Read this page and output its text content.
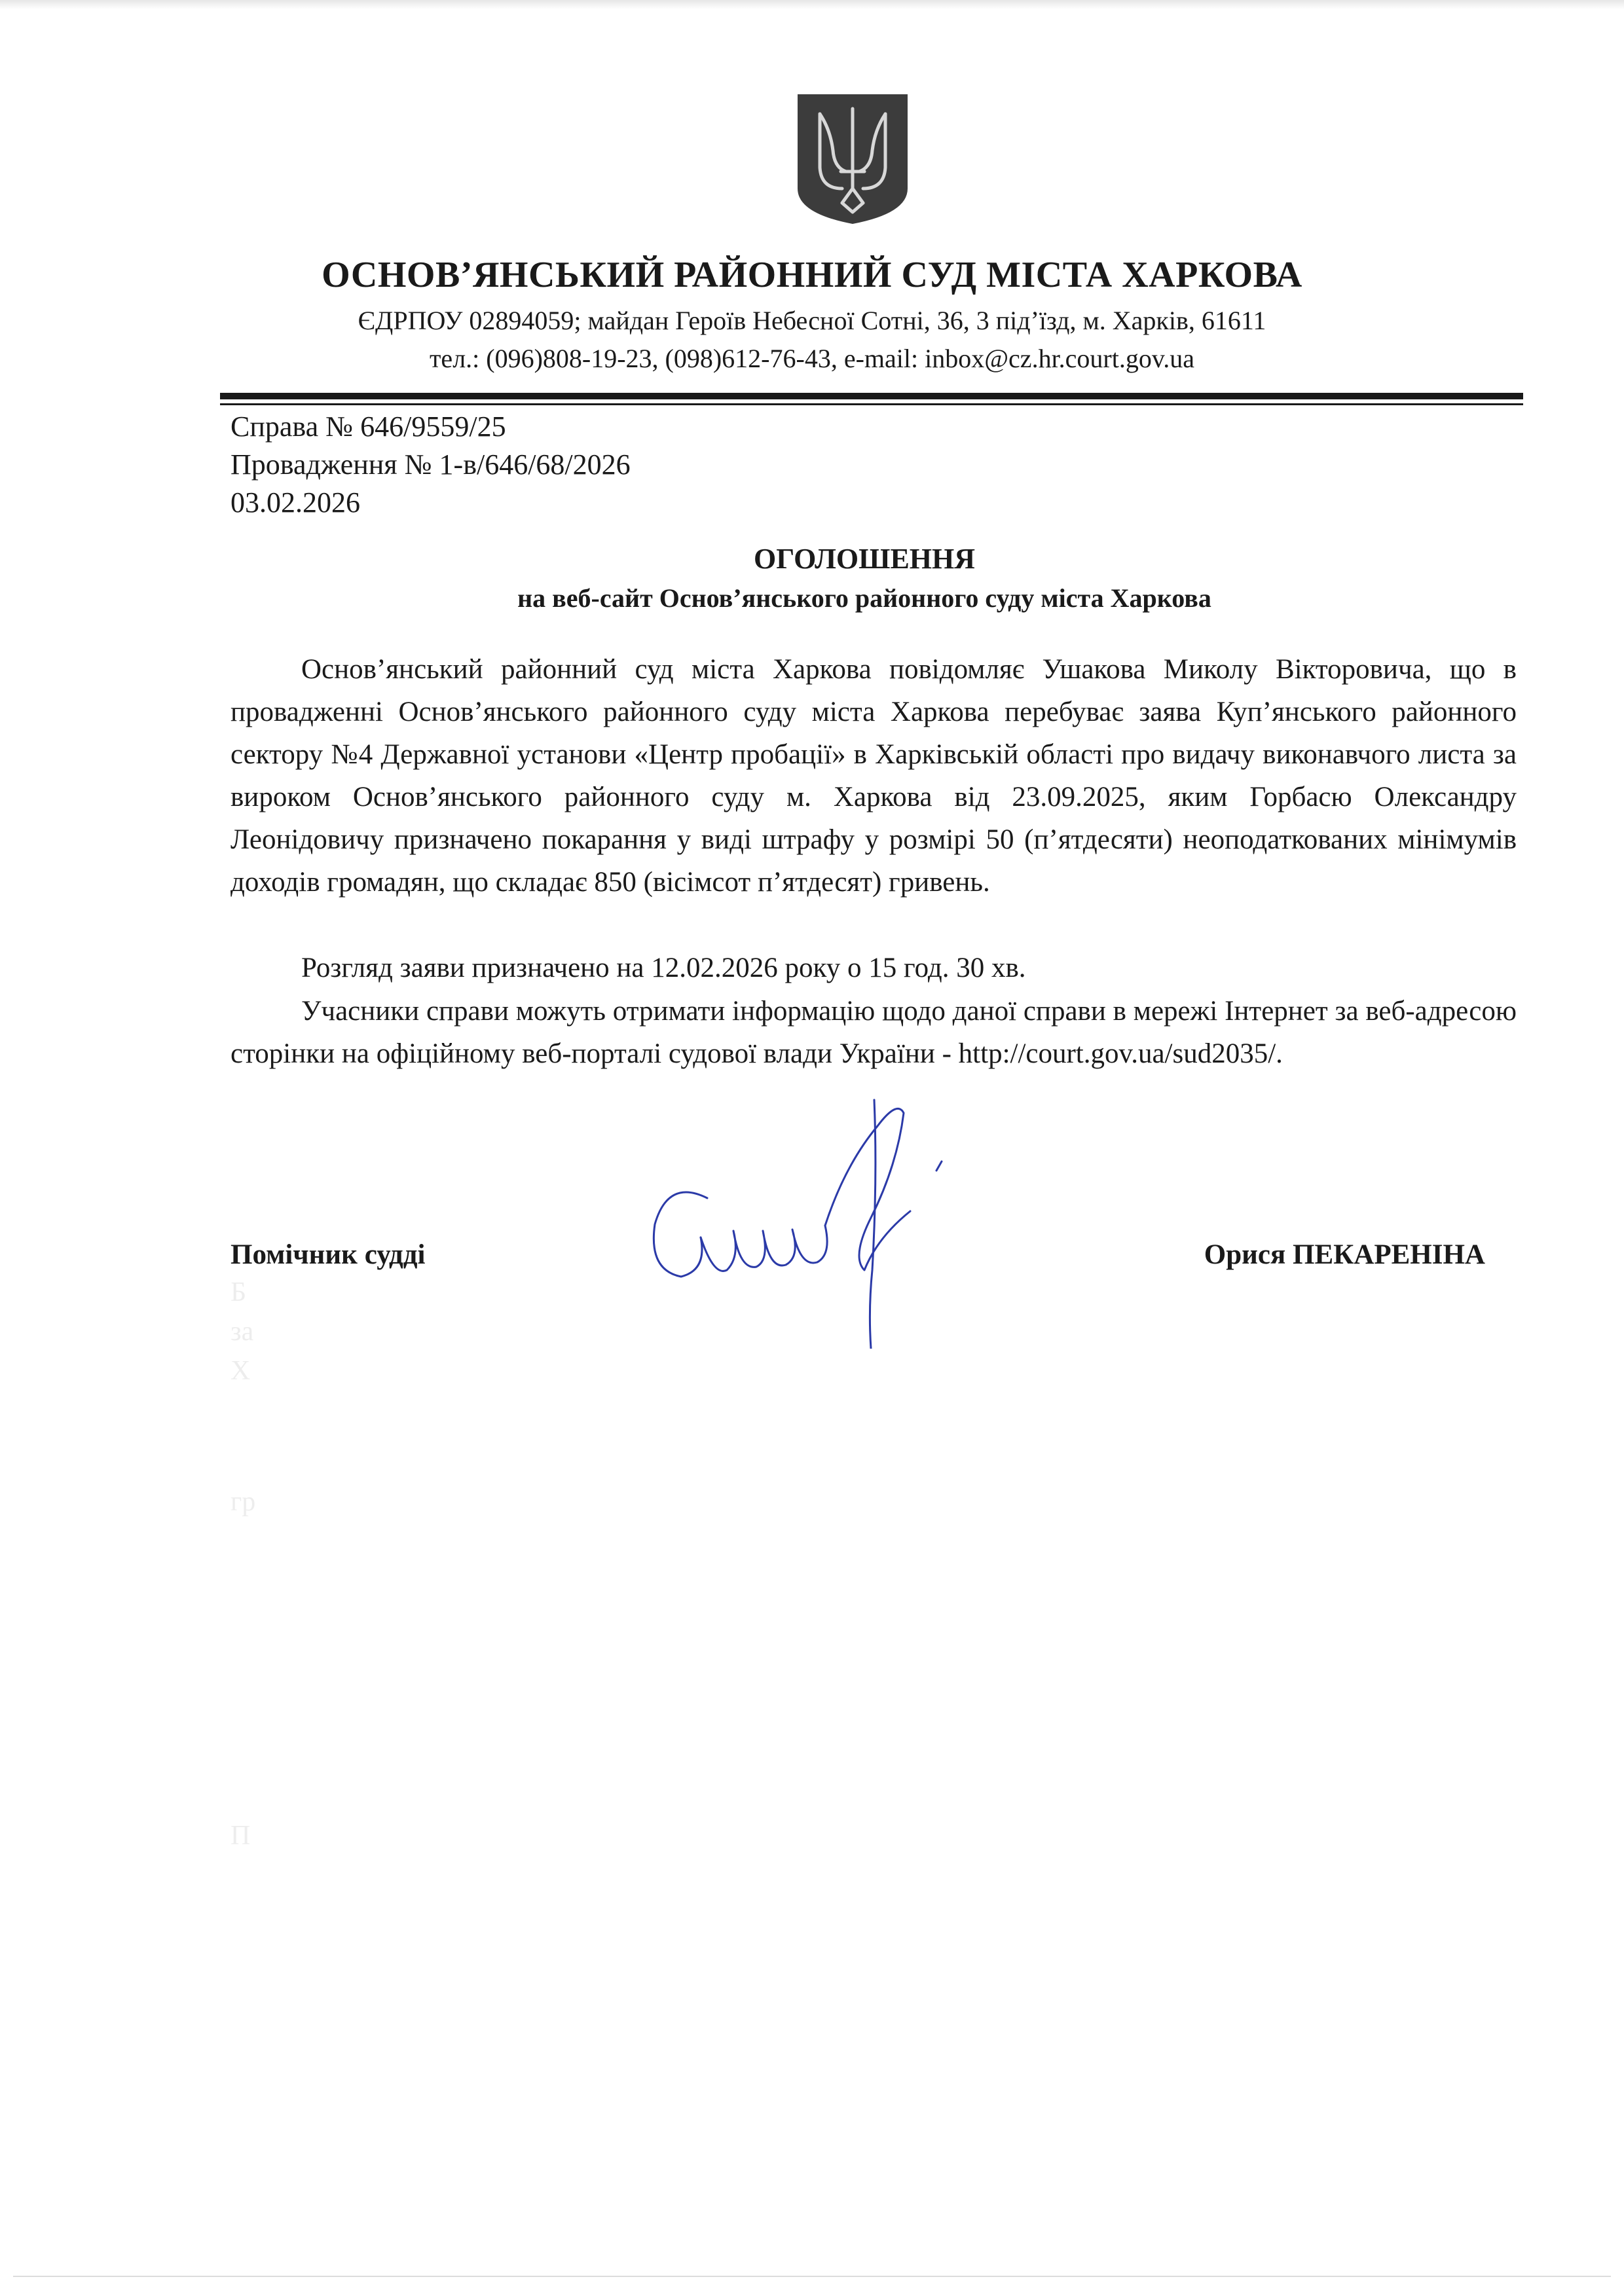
ОСНОВ’ЯНСЬКИЙ РАЙОННИЙ СУД МІСТА ХАРКОВА
ЄДРПОУ 02894059; майдан Героїв Небесної Сотні, 36, 3 під’їзд, м. Харків, 61611
тел.: (096)808-19-23, (098)612-76-43, e-mail: inbox@cz.hr.court.gov.ua
Справа № 646/9559/25
Провадження № 1-в/646/68/2026
03.02.2026
ОГОЛОШЕННЯ
на веб-сайт Основ’янського районного суду міста Харкова

Основ’янський районний суд міста Харкова повідомляє Ушакова Миколу Вікторовича, що в провадженні Основ’янського районного суду міста Харкова перебуває заява Куп’янського районного сектору №4 Державної установи «Центр пробації» в Харківській області про видачу виконавчого листа за вироком Основ’янського районного суду м. Харкова від 23.09.2025, яким Горбасю Олександру Леонідовичу призначено покарання у виді штрафу у розмірі 50 (п’ятдесяти) неоподаткованих мінімумів доходів громадян, що складає 850 (вісімсот п’ятдесят) гривень.

Розгляд заяви призначено на 12.02.2026 року о 15 год. 30 хв.

Учасники справи можуть отримати інформацію щодо даної справи в мережі Інтернет за веб-адресою сторінки на офіційному веб-порталі судової влади України - http://court.gov.ua/sud2035/.

Помічник судді	Орися ПЕКАРЕНІНА
Б
за
Х
гр
П
